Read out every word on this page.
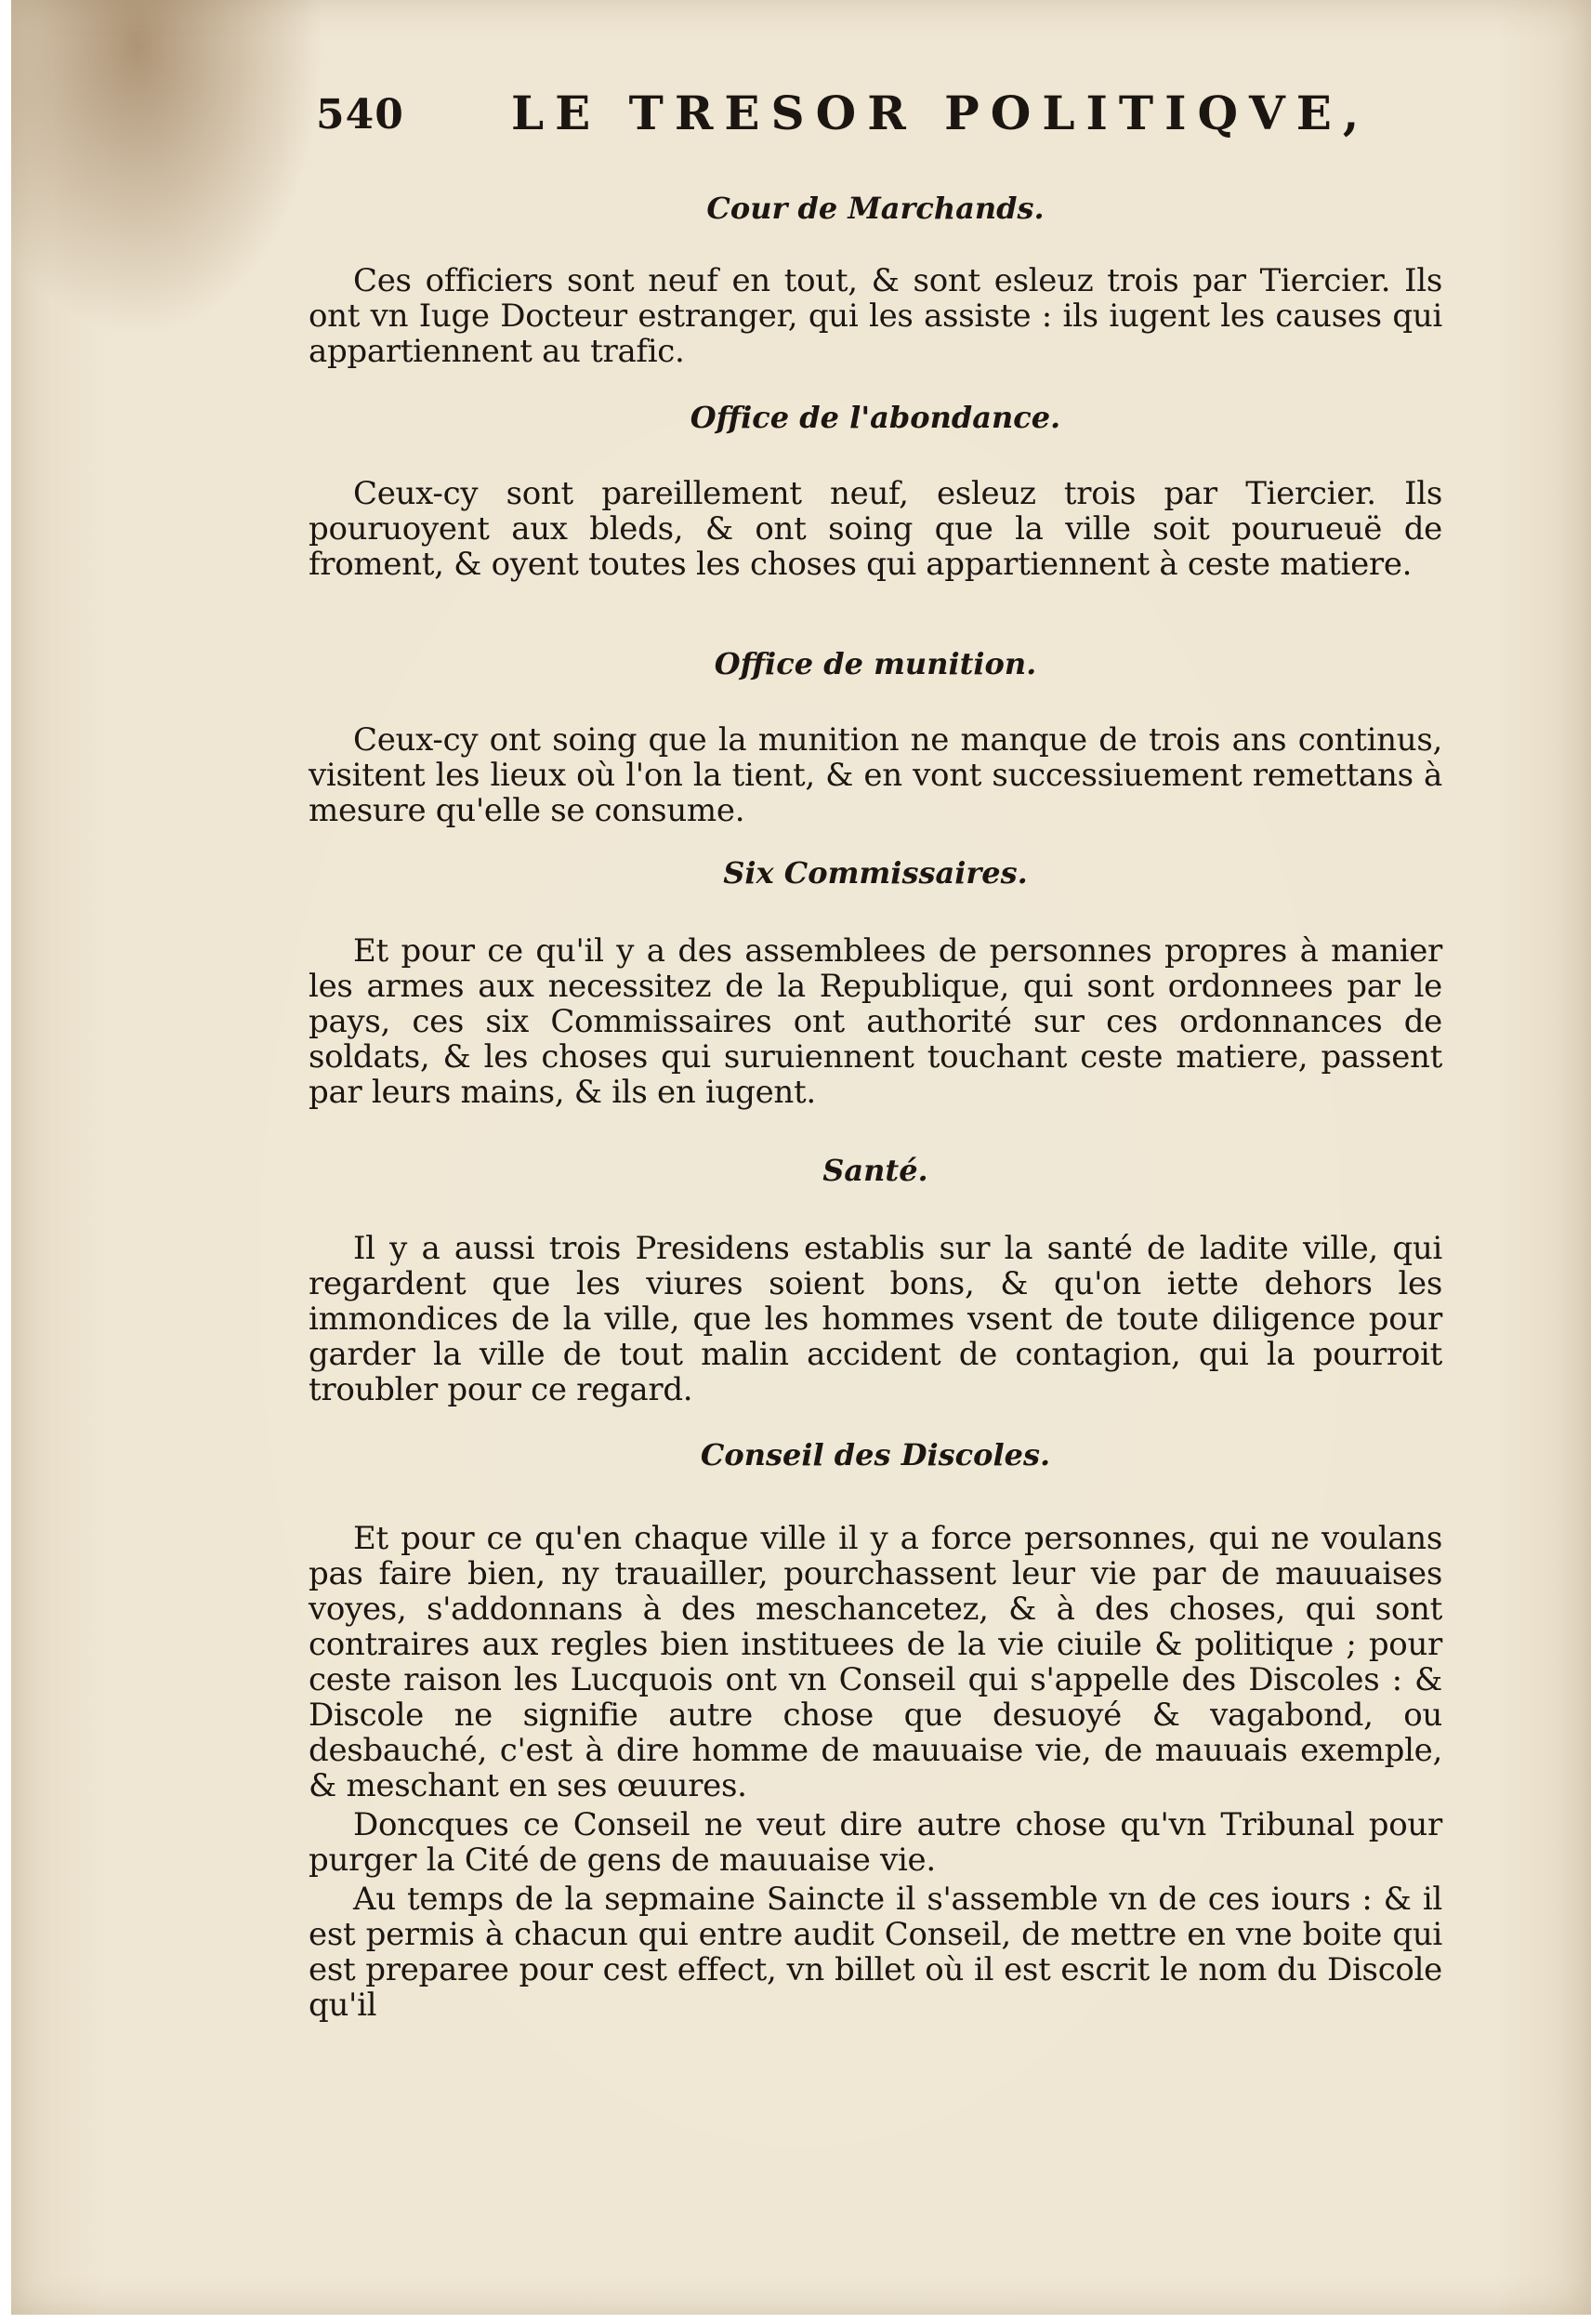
540 LE TRESOR POLITIQVE,

Cour de Marchands.

Ces officiers sont neuf en tout, & sont esleuz trois par Tiercier. Ils ont vn Iuge Docteur estranger, qui les assiste : ils iugent les causes qui appartiennent au trafic.

Office de l'abondance.

Ceux-cy sont pareillement neuf, esleuz trois par Tiercier. Ils pouruoyent aux bleds, & ont soing que la ville soit pourueuë de froment, & oyent toutes les choses qui appartiennent à ceste matiere.

Office de munition.

Ceux-cy ont soing que la munition ne manque de trois ans continus, visitent les lieux où l'on la tient, & en vont successiuement remettans à mesure qu'elle se consume.

Six Commissaires.

Et pour ce qu'il y a des assemblees de personnes propres à manier les armes aux necessitez de la Republique, qui sont ordonnees par le pays, ces six Commissaires ont authorité sur ces ordonnances de soldats, & les choses qui suruiennent touchant ceste matiere, passent par leurs mains, & ils en iugent.

Santé.

Il y a aussi trois Presidens establis sur la santé de ladite ville, qui regardent que les viures soient bons, & qu'on iette dehors les immondices de la ville, que les hommes vsent de toute diligence pour garder la ville de tout malin accident de contagion, qui la pourroit troubler pour ce regard.

Conseil des Discoles.

Et pour ce qu'en chaque ville il y a force personnes, qui ne voulans pas faire bien, ny trauailler, pourchassent leur vie par de mauuaises voyes, s'addonnans à des meschancetez, & à des choses, qui sont contraires aux regles bien instituees de la vie ciuile & politique ; pour ceste raison les Lucquois ont vn Conseil qui s'appelle des Discoles : & Discole ne signifie autre chose que desuoyé & vagabond, ou desbauché, c'est à dire homme de mauuaise vie, de mauuais exemple, & meschant en ses œuures.

Doncques ce Conseil ne veut dire autre chose qu'vn Tribunal pour purger la Cité de gens de mauuaise vie.

Au temps de la sepmaine Saincte il s'assemble vn de ces iours : & il est permis à chacun qui entre audit Conseil, de mettre en vne boite qui est preparee pour cest effect, vn billet où il est escrit le nom du Discole qu'il
